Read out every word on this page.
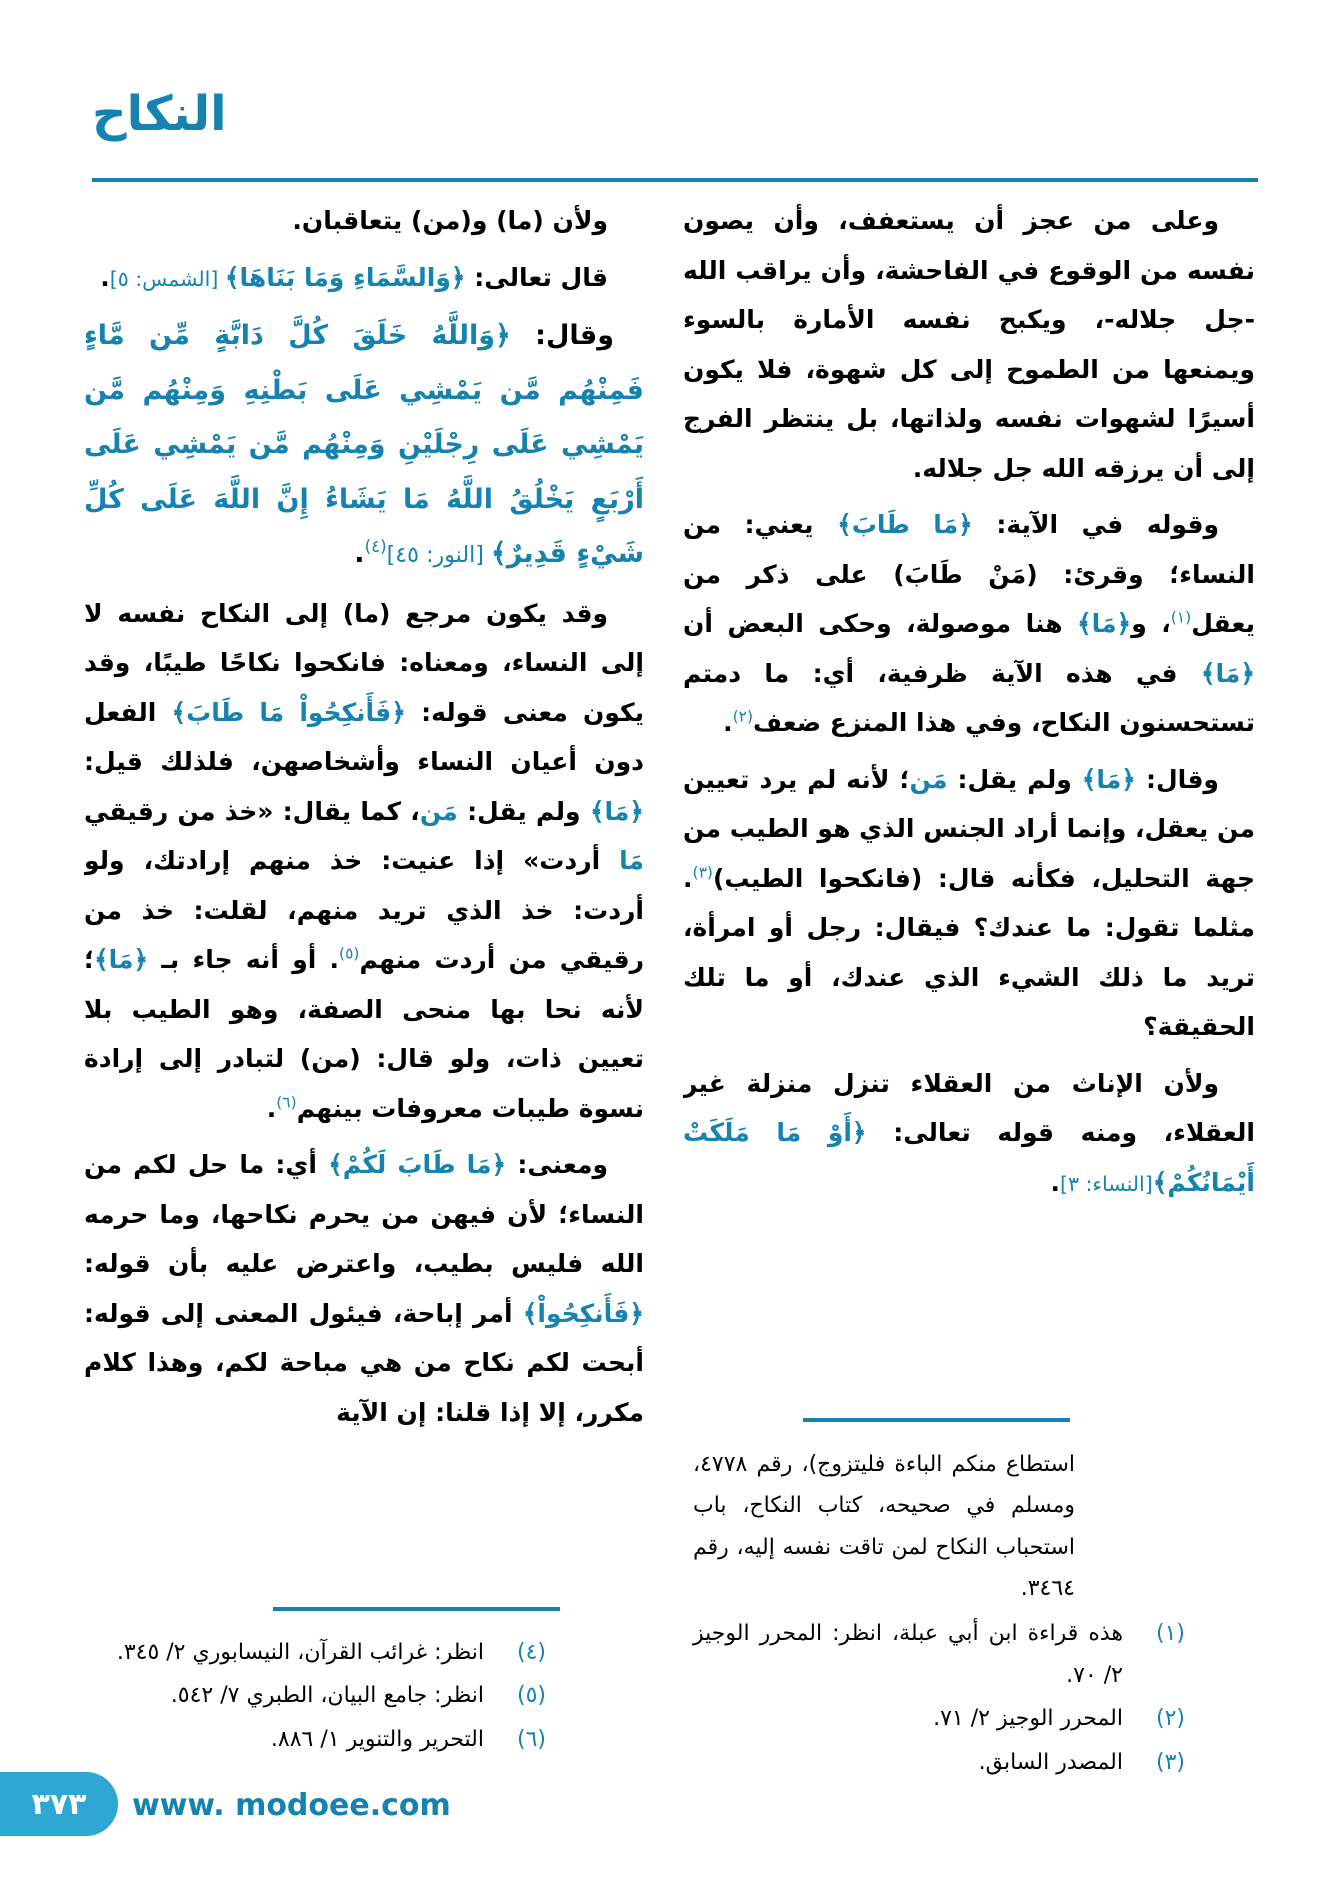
النكاح

وعلى من عجز أن يستعفف، وأن يصون نفسه من الوقوع في الفاحشة، وأن يراقب الله -جل جلاله-، ويكبح نفسه الأمارة بالسوء ويمنعها من الطموح إلى كل شهوة، فلا يكون أسيرًا لشهوات نفسه ولذاتها، بل ينتظر الفرج إلى أن يرزقه الله جل جلاله.

وقوله في الآية: ﴿مَا طَابَ﴾ يعني: من النساء؛ وقرئ: (مَنْ طَابَ) على ذكر من يعقل$^{(١)}$، و﴿مَا﴾ هنا موصولة، وحكى البعض أن ﴿مَا﴾ في هذه الآية ظرفية، أي: ما دمتم تستحسنون النكاح، وفي هذا المنزع ضعف$^{(٢)}$.

وقال: ﴿مَا﴾ ولم يقل: مَن؛ لأنه لم يرد تعيين من يعقل، وإنما أراد الجنس الذي هو الطيب من جهة التحليل، فكأنه قال: (فانكحوا الطيب)$^{(٣)}$. مثلما تقول: ما عندك؟ فيقال: رجل أو امرأة، تريد ما ذلك الشيء الذي عندك، أو ما تلك الحقيقة؟

ولأن الإناث من العقلاء تنزل منزلة غير العقلاء، ومنه قوله تعالى: ﴿أَوْ مَا مَلَكَتْ أَيْمَانُكُمْ﴾[النساء: ٣].

استطاع منكم الباءة فليتزوج)، رقم ٤٧٧٨، ومسلم في صحيحه، كتاب النكاح، باب استحباب النكاح لمن تاقت نفسه إليه، رقم ٣٤٦٤.

(١)
هذه قراءة ابن أبي عبلة، انظر: المحرر الوجيز ٢/ ٧٠.
(٢)
المحرر الوجيز ٢/ ٧١.
(٣)
المصدر السابق.

ولأن (ما) و(من) يتعاقبان.

قال تعالى: ﴿وَالسَّمَاءِ وَمَا بَنَاهَا﴾ [الشمس: ٥].

وقال: ﴿وَاللَّهُ خَلَقَ كُلَّ دَابَّةٍ مِّن مَّاءٍ فَمِنْهُم مَّن يَمْشِي عَلَى بَطْنِهِ وَمِنْهُم مَّن يَمْشِي عَلَى رِجْلَيْنِ وَمِنْهُم مَّن يَمْشِي عَلَى أَرْبَعٍ يَخْلُقُ اللَّهُ مَا يَشَاءُ إِنَّ اللَّهَ عَلَى كُلِّ شَيْءٍ قَدِيرٌ﴾ [النور: ٤٥]$^{(٤)}$.

وقد يكون مرجع (ما) إلى النكاح نفسه لا إلى النساء، ومعناه: فانكحوا نكاحًا طيبًا، وقد يكون معنى قوله: ﴿فَأَنكِحُواْ مَا طَابَ﴾ الفعل دون أعيان النساء وأشخاصهن، فلذلك قيل: ﴿مَا﴾ ولم يقل: مَن، كما يقال: «خذ من رقيقي مَا أردت» إذا عنيت: خذ منهم إرادتك، ولو أردت: خذ الذي تريد منهم، لقلت: خذ من رقيقي من أردت منهم$^{(٥)}$. أو أنه جاء بـ ﴿مَا﴾؛ لأنه نحا بها منحى الصفة، وهو الطيب بلا تعيين ذات، ولو قال: (من) لتبادر إلى إرادة نسوة طيبات معروفات بينهم$^{(٦)}$.

ومعنى: ﴿مَا طَابَ لَكُمْ﴾ أي: ما حل لكم من النساء؛ لأن فيهن من يحرم نكاحها، وما حرمه الله فليس بطيب، واعترض عليه بأن قوله: ﴿فَأَنكِحُواْ﴾ أمر إباحة، فيئول المعنى إلى قوله: أبحت لكم نكاح من هي مباحة لكم، وهذا كلام مكرر، إلا إذا قلنا: إن الآية

(٤)
انظر: غرائب القرآن، النيسابوري ٢/ ٣٤٥.
(٥)
انظر: جامع البيان، الطبري ٧/ ٥٤٢.
(٦)
التحرير والتنوير ١/ ٨٨٦.
٣٧٣ www. modoee.com
